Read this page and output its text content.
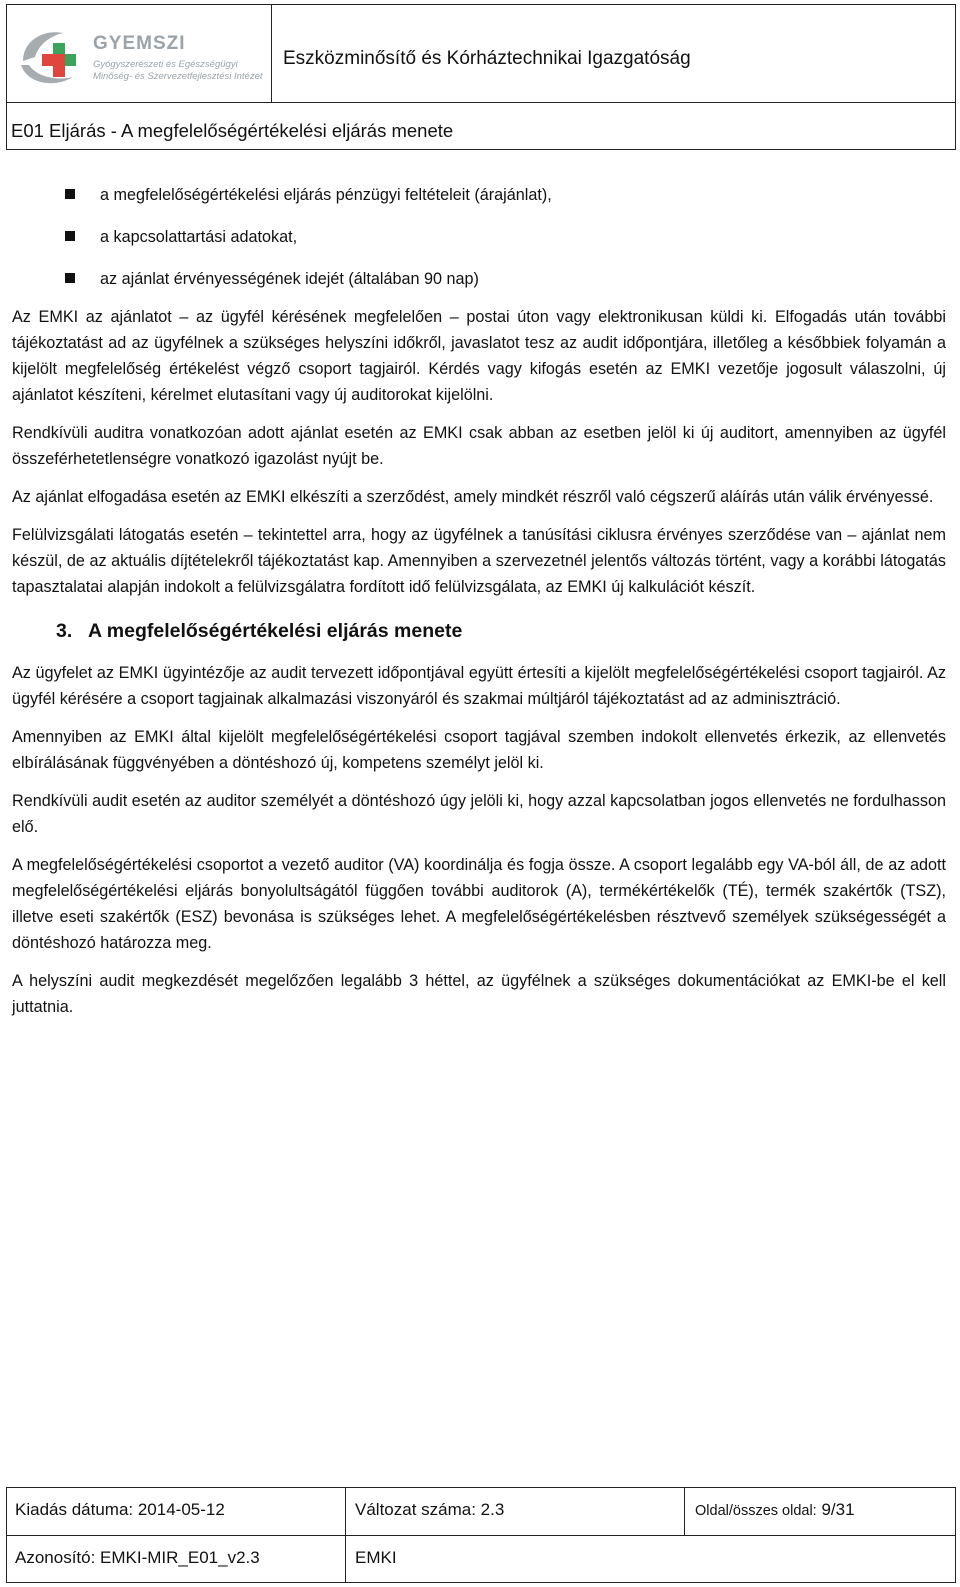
GYEMSZI
Gyógyszerészeti és Egészségügyi
Minőség- és Szervezetfejlesztési Intézet
Eszközminősítő és Kórháztechnikai Igazgatóság
E01 Eljárás - A megfelelőségértékelési eljárás menete
a megfelelőségértékelési eljárás pénzügyi feltételeit (árajánlat),
a kapcsolattartási adatokat,
az ajánlat érvényességének idejét (általában 90 nap)

Az EMKI az ajánlatot – az ügyfél kérésének megfelelően – postai úton vagy elektronikusan küldi ki. Elfogadás után további tájékoztatást ad az ügyfélnek a szükséges helyszíni időkről, javaslatot tesz az audit időpontjára, illetőleg a későbbiek folyamán a kijelölt megfelelőség értékelést végző csoport tagjairól. Kérdés vagy kifogás esetén az EMKI vezetője jogosult válaszolni, új ajánlatot készíteni, kérelmet elutasítani vagy új auditorokat kijelölni.

Rendkívüli auditra vonatkozóan adott ajánlat esetén az EMKI csak abban az esetben jelöl ki új auditort, amennyiben az ügyfél összeférhetetlenségre vonatkozó igazolást nyújt be.

Az ajánlat elfogadása esetén az EMKI elkészíti a szerződést, amely mindkét részről való cégszerű aláírás után válik érvényessé.

Felülvizsgálati látogatás esetén – tekintettel arra, hogy az ügyfélnek a tanúsítási ciklusra érvényes szerződése van – ajánlat nem készül, de az aktuális díjtételekről tájékoztatást kap. Amennyiben a szervezetnél jelentős változás történt, vagy a korábbi látogatás tapasztalatai alapján indokolt a felülvizsgálatra fordított idő felülvizsgálata, az EMKI új kalkulációt készít.

3. A megfelelőségértékelési eljárás menete

Az ügyfelet az EMKI ügyintézője az audit tervezett időpontjával együtt értesíti a kijelölt megfelelőségértékelési csoport tagjairól. Az ügyfél kérésére a csoport tagjainak alkalmazási viszonyáról és szakmai múltjáról tájékoztatást ad az adminisztráció.

Amennyiben az EMKI által kijelölt megfelelőségértékelési csoport tagjával szemben indokolt ellenvetés érkezik, az ellenvetés elbírálásának függvényében a döntéshozó új, kompetens személyt jelöl ki.

Rendkívüli audit esetén az auditor személyét a döntéshozó úgy jelöli ki, hogy azzal kapcsolatban jogos ellenvetés ne fordulhasson elő.

A megfelelőségértékelési csoportot a vezető auditor (VA) koordinálja és fogja össze. A csoport legalább egy VA-ból áll, de az adott megfelelőségértékelési eljárás bonyolultságától függően további auditorok (A), termékértékelők (TÉ), termék szakértők (TSZ), illetve eseti szakértők (ESZ) bevonása is szükséges lehet. A megfelelőségértékelésben résztvevő személyek szükségességét a döntéshozó határozza meg.

A helyszíni audit megkezdését megelőzően legalább 3 héttel, az ügyfélnek a szükséges dokumentációkat az EMKI-be el kell juttatnia.

Kiadás dátuma: 2014-05-12	Változat száma: 2.3	Oldal/összes oldal: 9/31
Azonosító: EMKI-MIR_E01_v2.3	EMKI
